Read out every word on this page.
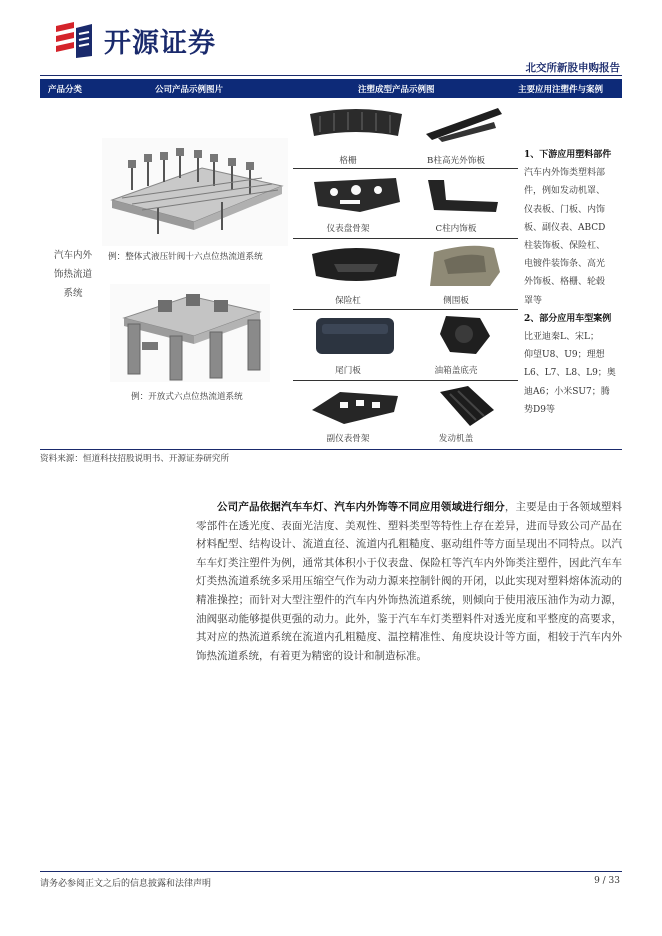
开源证券
北交所新股申购报告
产品分类	公司产品示例图片	注塑成型产品示例图	主要应用注塑件与案例
汽车内外
饰热流道
系统
例：整体式液压针阀十六点位热流道系统
例：开放式六点位热流道系统
格栅	B柱高光外饰板
仪表盘骨架	C柱内饰板
保险杠	侧围板
尾门板	油箱盖底壳
副仪表骨架	发动机盖
1、下游应用塑料部件
汽车内外饰类塑料部
件，例如发动机罩、
仪表板、门板、内饰
板、副仪表、ABCD
柱装饰板、保险杠、
电镀件装饰条、高光
外饰板、格栅、轮毂
罩等
2、部分应用车型案例
比亚迪秦L、宋L；
仰望U8、U9；理想
L6、L7、L8、L9；奥
迪A6；小米SU7；腾
势D9等
资料来源：恒道科技招股说明书、开源证券研究所
公司产品依据汽车车灯、汽车内外饰等不同应用领域进行细分，主要是由于各领域塑料零部件在透光度、表面光洁度、美观性、塑料类型等特性上存在差异，进而导致公司产品在材料配型、结构设计、流道直径、流道内孔粗糙度、驱动组件等方面呈现出不同特点。以汽车车灯类注塑件为例，通常其体积小于仪表盘、保险杠等汽车内外饰类注塑件，因此汽车车灯类热流道系统多采用压缩空气作为动力源来控制针阀的开闭，以此实现对塑料熔体流动的精准操控；而针对大型注塑件的汽车内外饰热流道系统，则倾向于使用液压油作为动力源，油阀驱动能够提供更强的动力。此外，鉴于汽车车灯类塑料件对透光度和平整度的高要求，其对应的热流道系统在流道内孔粗糙度、温控精准性、角度块设计等方面，相较于汽车内外饰热流道系统，有着更为精密的设计和制造标准。
请务必参阅正文之后的信息披露和法律声明	9 / 33
